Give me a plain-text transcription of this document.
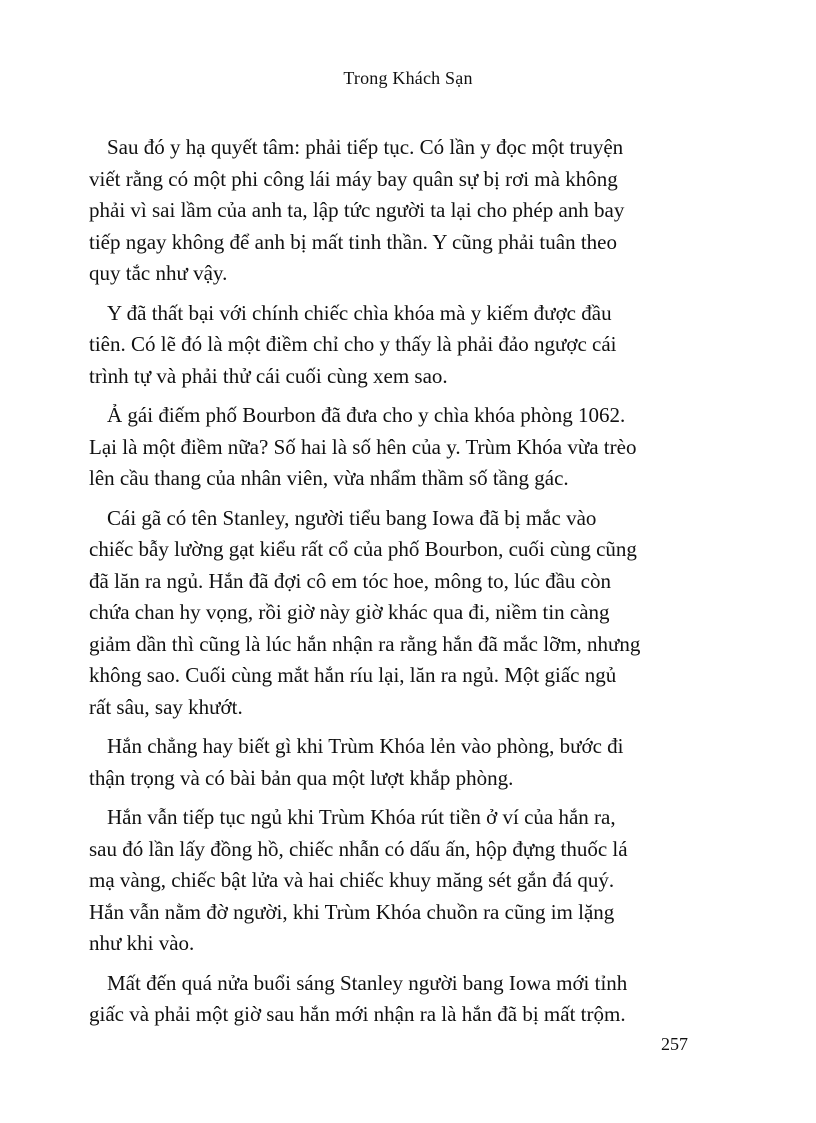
Trong Khách Sạn

Sau đó y hạ quyết tâm: phải tiếp tục. Có lần y đọc một truyện
viết rằng có một phi công lái máy bay quân sự bị rơi mà không
phải vì sai lầm của anh ta, lập tức người ta lại cho phép anh bay
tiếp ngay không để anh bị mất tinh thần. Y cũng phải tuân theo
quy tắc như vậy.

Y đã thất bại với chính chiếc chìa khóa mà y kiếm được đầu
tiên. Có lẽ đó là một điềm chỉ cho y thấy là phải đảo ngược cái
trình tự và phải thử cái cuối cùng xem sao.

Ả gái điếm phố Bourbon đã đưa cho y chìa khóa phòng 1062.
Lại là một điềm nữa? Số hai là số hên của y. Trùm Khóa vừa trèo
lên cầu thang của nhân viên, vừa nhẩm thầm số tầng gác.

Cái gã có tên Stanley, người tiểu bang Iowa đã bị mắc vào
chiếc bẫy lường gạt kiểu rất cổ của phố Bourbon, cuối cùng cũng
đã lăn ra ngủ. Hắn đã đợi cô em tóc hoe, mông to, lúc đầu còn
chứa chan hy vọng, rồi giờ này giờ khác qua đi, niềm tin càng
giảm dần thì cũng là lúc hắn nhận ra rằng hắn đã mắc lỡm, nhưng
không sao. Cuối cùng mắt hắn ríu lại, lăn ra ngủ. Một giấc ngủ
rất sâu, say khướt.

Hắn chẳng hay biết gì khi Trùm Khóa lẻn vào phòng, bước đi
thận trọng và có bài bản qua một lượt khắp phòng.

Hắn vẫn tiếp tục ngủ khi Trùm Khóa rút tiền ở ví của hắn ra,
sau đó lần lấy đồng hồ, chiếc nhẫn có dấu ấn, hộp đựng thuốc lá
mạ vàng, chiếc bật lửa và hai chiếc khuy măng sét gắn đá quý.
Hắn vẫn nằm đờ người, khi Trùm Khóa chuồn ra cũng im lặng
như khi vào.

Mất đến quá nửa buổi sáng Stanley người bang Iowa mới tỉnh
giấc và phải một giờ sau hắn mới nhận ra là hắn đã bị mất trộm.

257
